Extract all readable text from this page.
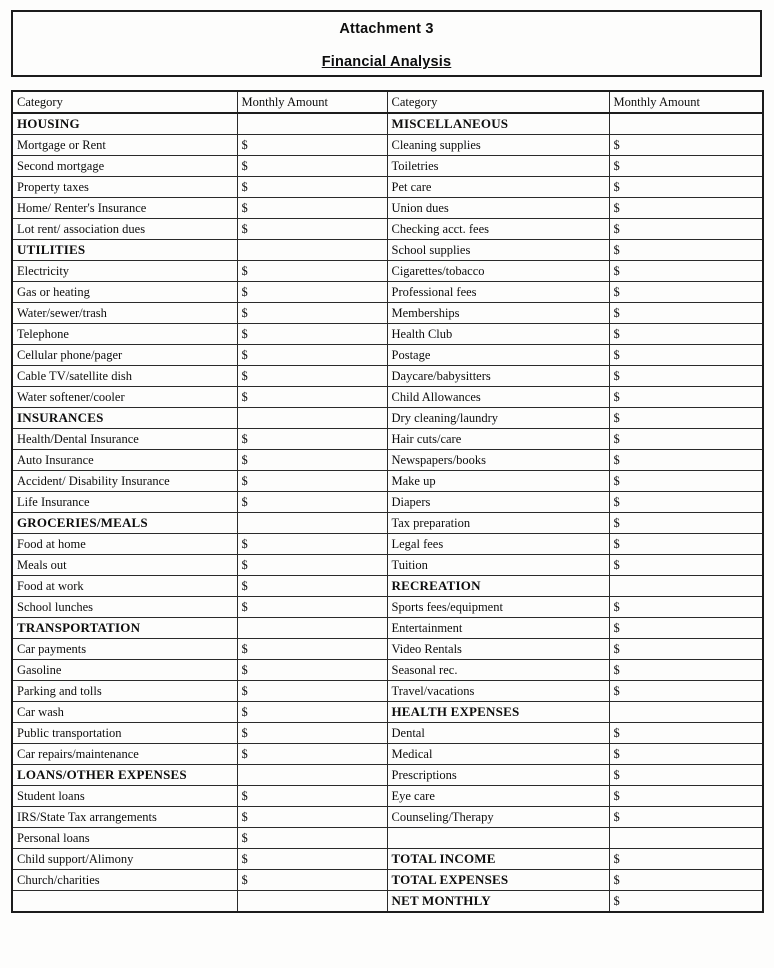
Attachment 3
Financial Analysis
Category	Monthly Amount	Category	Monthly Amount
HOUSING		MISCELLANEOUS	
Mortgage or Rent	$	Cleaning supplies	$
Second mortgage	$	Toiletries	$
Property taxes	$	Pet care	$
Home/ Renter's Insurance	$	Union dues	$
Lot rent/ association dues	$	Checking acct. fees	$
UTILITIES		School supplies	$
Electricity	$	Cigarettes/tobacco	$
Gas or heating	$	Professional fees	$
Water/sewer/trash	$	Memberships	$
Telephone	$	Health Club	$
Cellular phone/pager	$	Postage	$
Cable TV/satellite dish	$	Daycare/babysitters	$
Water softener/cooler	$	Child Allowances	$
INSURANCES		Dry cleaning/laundry	$
Health/Dental Insurance	$	Hair cuts/care	$
Auto Insurance	$	Newspapers/books	$
Accident/ Disability Insurance	$	Make up	$
Life Insurance	$	Diapers	$
GROCERIES/MEALS		Tax preparation	$
Food at home	$	Legal fees	$
Meals out	$	Tuition	$
Food at work	$	RECREATION	
School lunches	$	Sports fees/equipment	$
TRANSPORTATION		Entertainment	$
Car payments	$	Video Rentals	$
Gasoline	$	Seasonal rec.	$
Parking and tolls	$	Travel/vacations	$
Car wash	$	HEALTH EXPENSES	
Public transportation	$	Dental	$
Car repairs/maintenance	$	Medical	$
LOANS/OTHER EXPENSES		Prescriptions	$
Student loans	$	Eye care	$
IRS/State Tax arrangements	$	Counseling/Therapy	$
Personal loans	$		
Child support/Alimony	$	TOTAL INCOME	$
Church/charities	$	TOTAL EXPENSES	$
		NET MONTHLY	$
